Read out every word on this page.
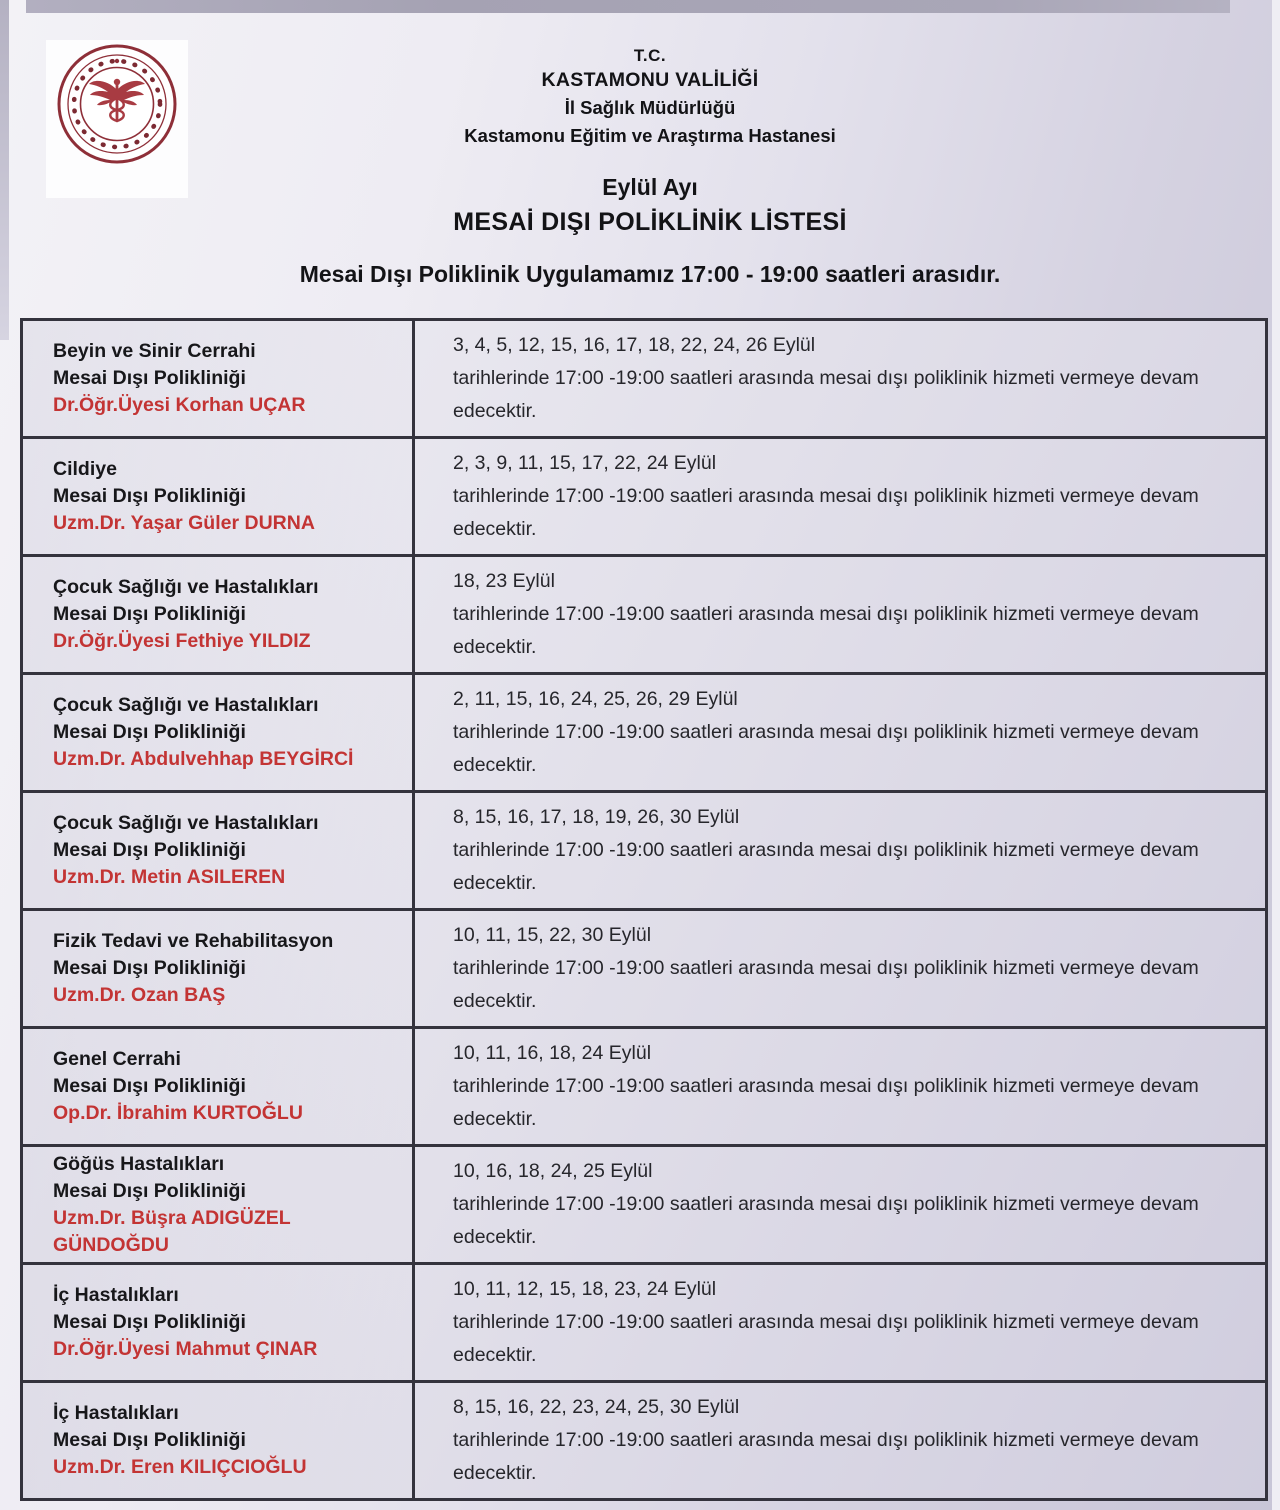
T.C.
KASTAMONU VALİLİĞİ
İl Sağlık Müdürlüğü
Kastamonu Eğitim ve Araştırma Hastanesi
Eylül Ayı
MESAİ DIŞI POLİKLİNİK LİSTESİ
Mesai Dışı Poliklinik Uygulamamız 17:00 - 19:00 saatleri arasıdır.
Beyin ve Sinir Cerrahi
Mesai Dışı Polikliniği
Dr.Öğr.Üyesi Korhan UÇAR
3, 4, 5, 12, 15, 16, 17, 18, 22, 24, 26 Eylül
tarihlerinde 17:00 -19:00 saatleri arasında mesai dışı poliklinik hizmeti vermeye devam edecektir.
Cildiye
Mesai Dışı Polikliniği
Uzm.Dr. Yaşar Güler DURNA
2, 3, 9, 11, 15, 17, 22, 24 Eylül
tarihlerinde 17:00 -19:00 saatleri arasında mesai dışı poliklinik hizmeti vermeye devam edecektir.
Çocuk Sağlığı ve Hastalıkları
Mesai Dışı Polikliniği
Dr.Öğr.Üyesi Fethiye YILDIZ
18, 23 Eylül
tarihlerinde 17:00 -19:00 saatleri arasında mesai dışı poliklinik hizmeti vermeye devam edecektir.
Çocuk Sağlığı ve Hastalıkları
Mesai Dışı Polikliniği
Uzm.Dr. Abdulvehhap BEYGİRCİ
2, 11, 15, 16, 24, 25, 26, 29 Eylül
tarihlerinde 17:00 -19:00 saatleri arasında mesai dışı poliklinik hizmeti vermeye devam edecektir.
Çocuk Sağlığı ve Hastalıkları
Mesai Dışı Polikliniği
Uzm.Dr. Metin ASILEREN
8, 15, 16, 17, 18, 19, 26, 30 Eylül
tarihlerinde 17:00 -19:00 saatleri arasında mesai dışı poliklinik hizmeti vermeye devam edecektir.
Fizik Tedavi ve Rehabilitasyon
Mesai Dışı Polikliniği
Uzm.Dr. Ozan BAŞ
10, 11, 15, 22, 30 Eylül
tarihlerinde 17:00 -19:00 saatleri arasında mesai dışı poliklinik hizmeti vermeye devam edecektir.
Genel Cerrahi
Mesai Dışı Polikliniği
Op.Dr. İbrahim KURTOĞLU
10, 11, 16, 18, 24 Eylül
tarihlerinde 17:00 -19:00 saatleri arasında mesai dışı poliklinik hizmeti vermeye devam edecektir.
Göğüs Hastalıkları
Mesai Dışı Polikliniği
Uzm.Dr. Büşra ADIGÜZEL GÜNDOĞDU
10, 16, 18, 24, 25 Eylül
tarihlerinde 17:00 -19:00 saatleri arasında mesai dışı poliklinik hizmeti vermeye devam edecektir.
İç Hastalıkları
Mesai Dışı Polikliniği
Dr.Öğr.Üyesi Mahmut ÇINAR
10, 11, 12, 15, 18, 23, 24 Eylül
tarihlerinde 17:00 -19:00 saatleri arasında mesai dışı poliklinik hizmeti vermeye devam edecektir.
İç Hastalıkları
Mesai Dışı Polikliniği
Uzm.Dr. Eren KILIÇCIOĞLU
8, 15, 16, 22, 23, 24, 25, 30 Eylül
tarihlerinde 17:00 -19:00 saatleri arasında mesai dışı poliklinik hizmeti vermeye devam edecektir.
